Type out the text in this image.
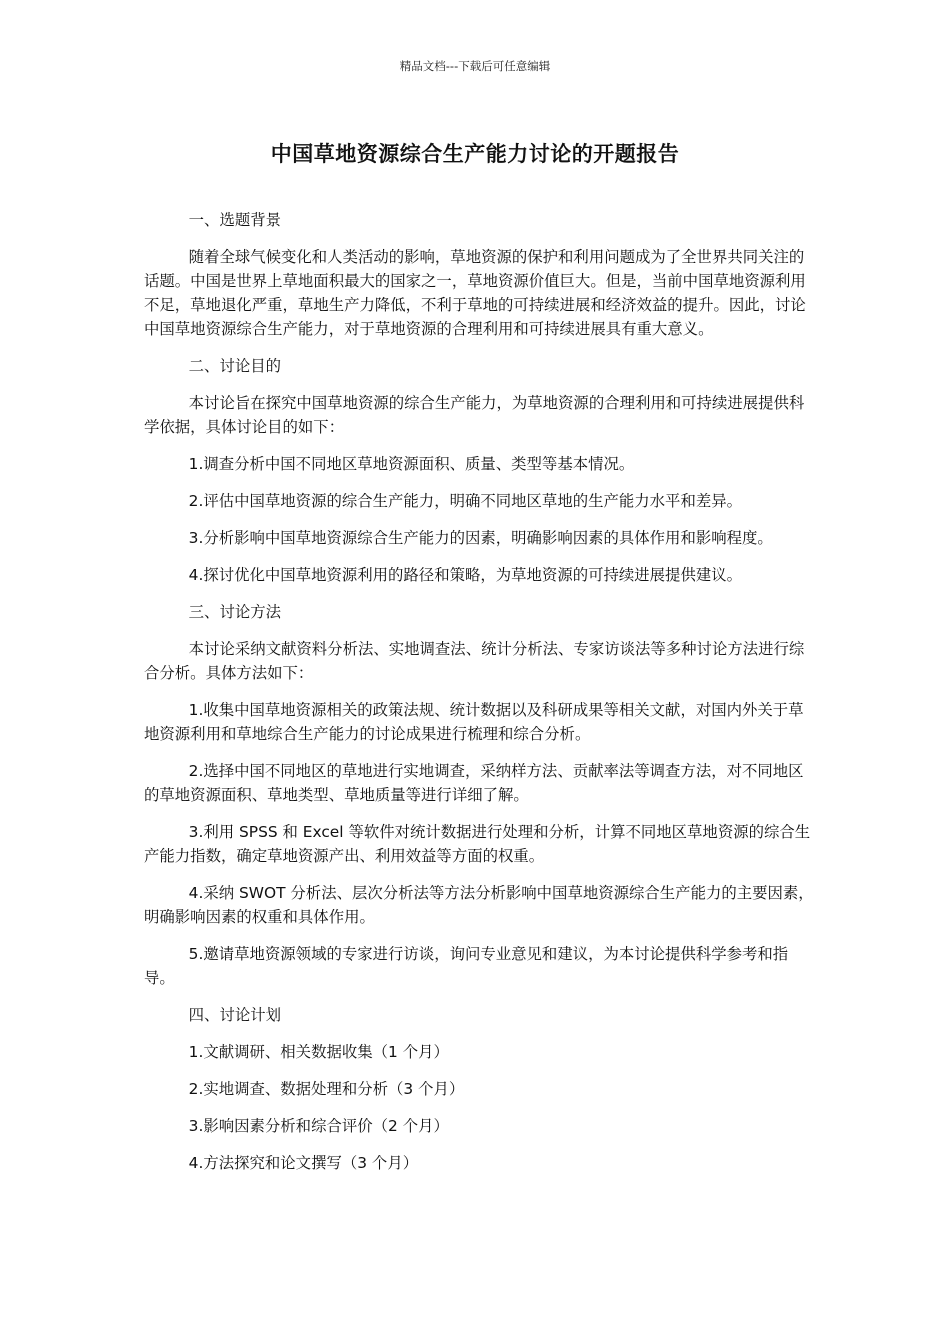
精品文档---下载后可任意编辑
中国草地资源综合生产能力讨论的开题报告

一、选题背景

随着全球气候变化和人类活动的影响，草地资源的保护和利用问题成为了全世界共同关注的话题。中国是世界上草地面积最大的国家之一，草地资源价值巨大。但是，当前中国草地资源利用不足，草地退化严重，草地生产力降低，不利于草地的可持续进展和经济效益的提升。因此，讨论中国草地资源综合生产能力，对于草地资源的合理利用和可持续进展具有重大意义。

二、讨论目的

本讨论旨在探究中国草地资源的综合生产能力，为草地资源的合理利用和可持续进展提供科学依据，具体讨论目的如下：

1.调查分析中国不同地区草地资源面积、质量、类型等基本情况。

2.评估中国草地资源的综合生产能力，明确不同地区草地的生产能力水平和差异。

3.分析影响中国草地资源综合生产能力的因素，明确影响因素的具体作用和影响程度。

4.探讨优化中国草地资源利用的路径和策略，为草地资源的可持续进展提供建议。

三、讨论方法

本讨论采纳文献资料分析法、实地调查法、统计分析法、专家访谈法等多种讨论方法进行综合分析。具体方法如下：

1.收集中国草地资源相关的政策法规、统计数据以及科研成果等相关文献，对国内外关于草地资源利用和草地综合生产能力的讨论成果进行梳理和综合分析。

2.选择中国不同地区的草地进行实地调查，采纳样方法、贡献率法等调查方法，对不同地区的草地资源面积、草地类型、草地质量等进行详细了解。

3.利用 SPSS 和 Excel 等软件对统计数据进行处理和分析，计算不同地区草地资源的综合生产能力指数，确定草地资源产出、利用效益等方面的权重。

4.采纳 SWOT 分析法、层次分析法等方法分析影响中国草地资源综合生产能力的主要因素，明确影响因素的权重和具体作用。

5.邀请草地资源领域的专家进行访谈，询问专业意见和建议，为本讨论提供科学参考和指导。

四、讨论计划

1.文献调研、相关数据收集（1 个月）

2.实地调查、数据处理和分析（3 个月）

3.影响因素分析和综合评价（2 个月）

4.方法探究和论文撰写（3 个月）
